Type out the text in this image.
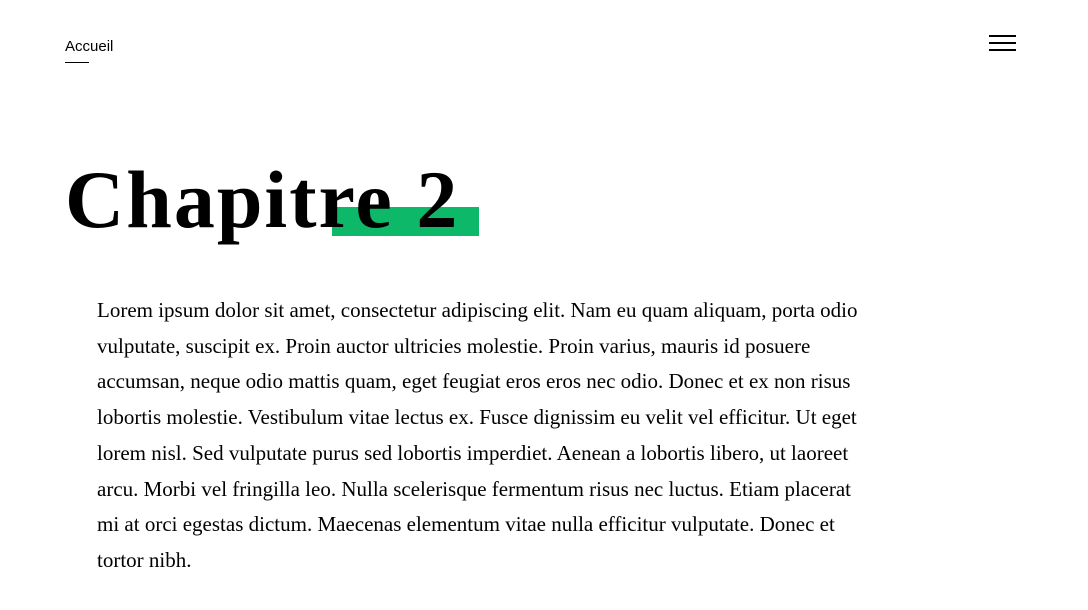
Accueil
Chapitre 2

Lorem ipsum dolor sit amet, consectetur adipiscing elit. Nam eu quam aliquam, porta odio vulputate, suscipit ex. Proin auctor ultricies molestie. Proin varius, mauris id posuere accumsan, neque odio mattis quam, eget feugiat eros eros nec odio. Donec et ex non risus lobortis molestie. Vestibulum vitae lectus ex. Fusce dignissim eu velit vel efficitur. Ut eget lorem nisl. Sed vulputate purus sed lobortis imperdiet. Aenean a lobortis libero, ut laoreet arcu. Morbi vel fringilla leo. Nulla scelerisque fermentum risus nec luctus. Etiam placerat mi at orci egestas dictum. Maecenas elementum vitae nulla efficitur vulputate. Donec et tortor nibh.
